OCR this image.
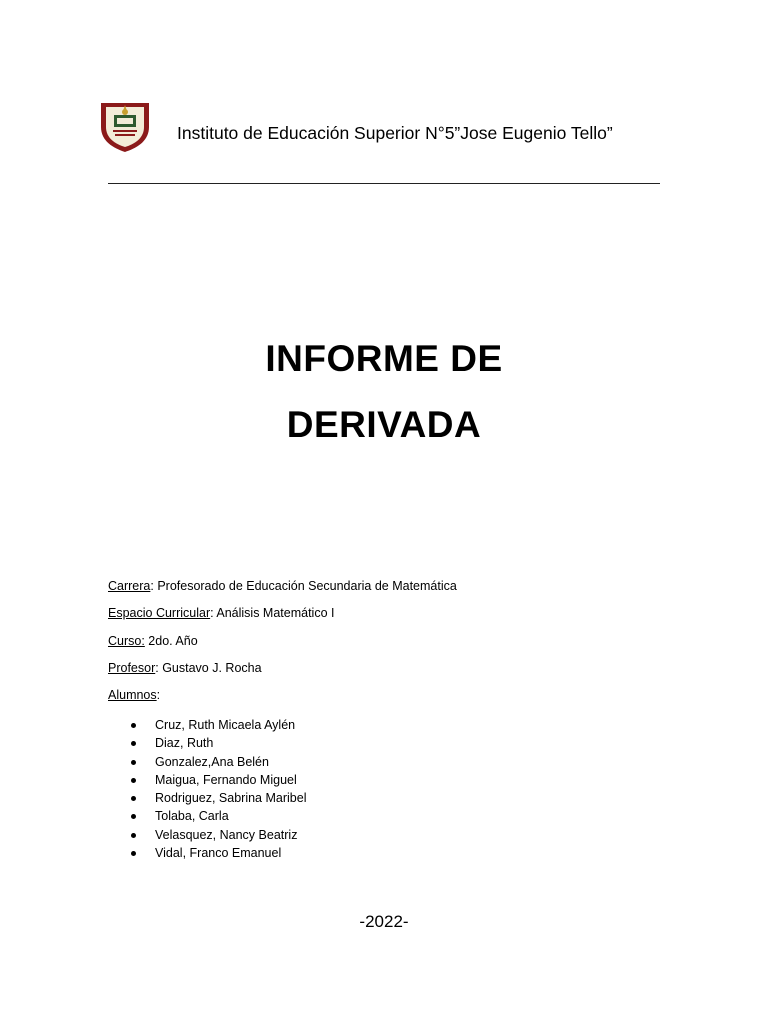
Instituto de Educación Superior N°5”Jose Eugenio Tello”
INFORME DE
DERIVADA
Carrera: Profesorado de Educación Secundaria de Matemática
Espacio Curricular: Análisis Matemático I
Curso: 2do. Año
Profesor: Gustavo J. Rocha
Alumnos:
Cruz, Ruth Micaela Aylén
Diaz, Ruth
Gonzalez,Ana Belén
Maigua, Fernando Miguel
Rodriguez, Sabrina Maribel
Tolaba, Carla
Velasquez, Nancy Beatriz
Vidal, Franco Emanuel
-2022-
